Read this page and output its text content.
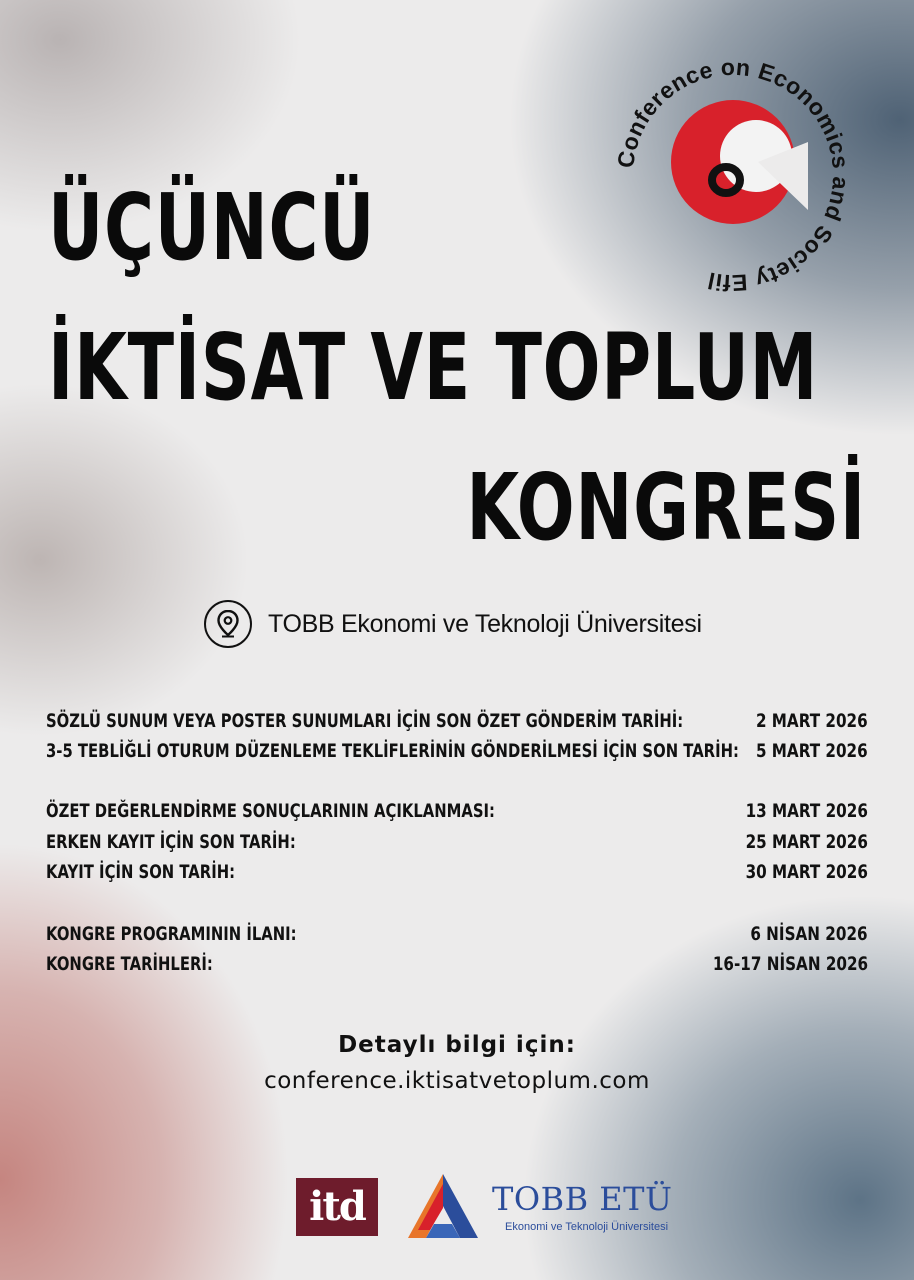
Conference on Economics and Society Efil
ÜÇÜNCÜ
İKTİSAT VE TOPLUM
KONGRESİ
TOBB Ekonomi ve Teknoloji Üniversitesi
SÖZLÜ SUNUM VEYA POSTER SUNUMLARI İÇİN SON ÖZET GÖNDERİM TARİHİ:	2 MART 2026
3-5 TEBLİĞLİ OTURUM DÜZENLEME TEKLİFLERİNİN GÖNDERİLMESİ İÇİN SON TARİH: 5 MART 2026
ÖZET DEĞERLENDİRME SONUÇLARININ AÇIKLANMASI:	13 MART 2026
ERKEN KAYIT İÇİN SON TARİH:	25 MART 2026
KAYIT İÇİN SON TARİH:	30 MART 2026
KONGRE PROGRAMININ İLANI:	6 NİSAN 2026
KONGRE TARİHLERİ:	16-17 NİSAN 2026
Detaylı bilgi için:
conference.iktisatvetoplum.com
itd	TOBB ETÜ
Ekonomi ve Teknoloji Üniversitesi
